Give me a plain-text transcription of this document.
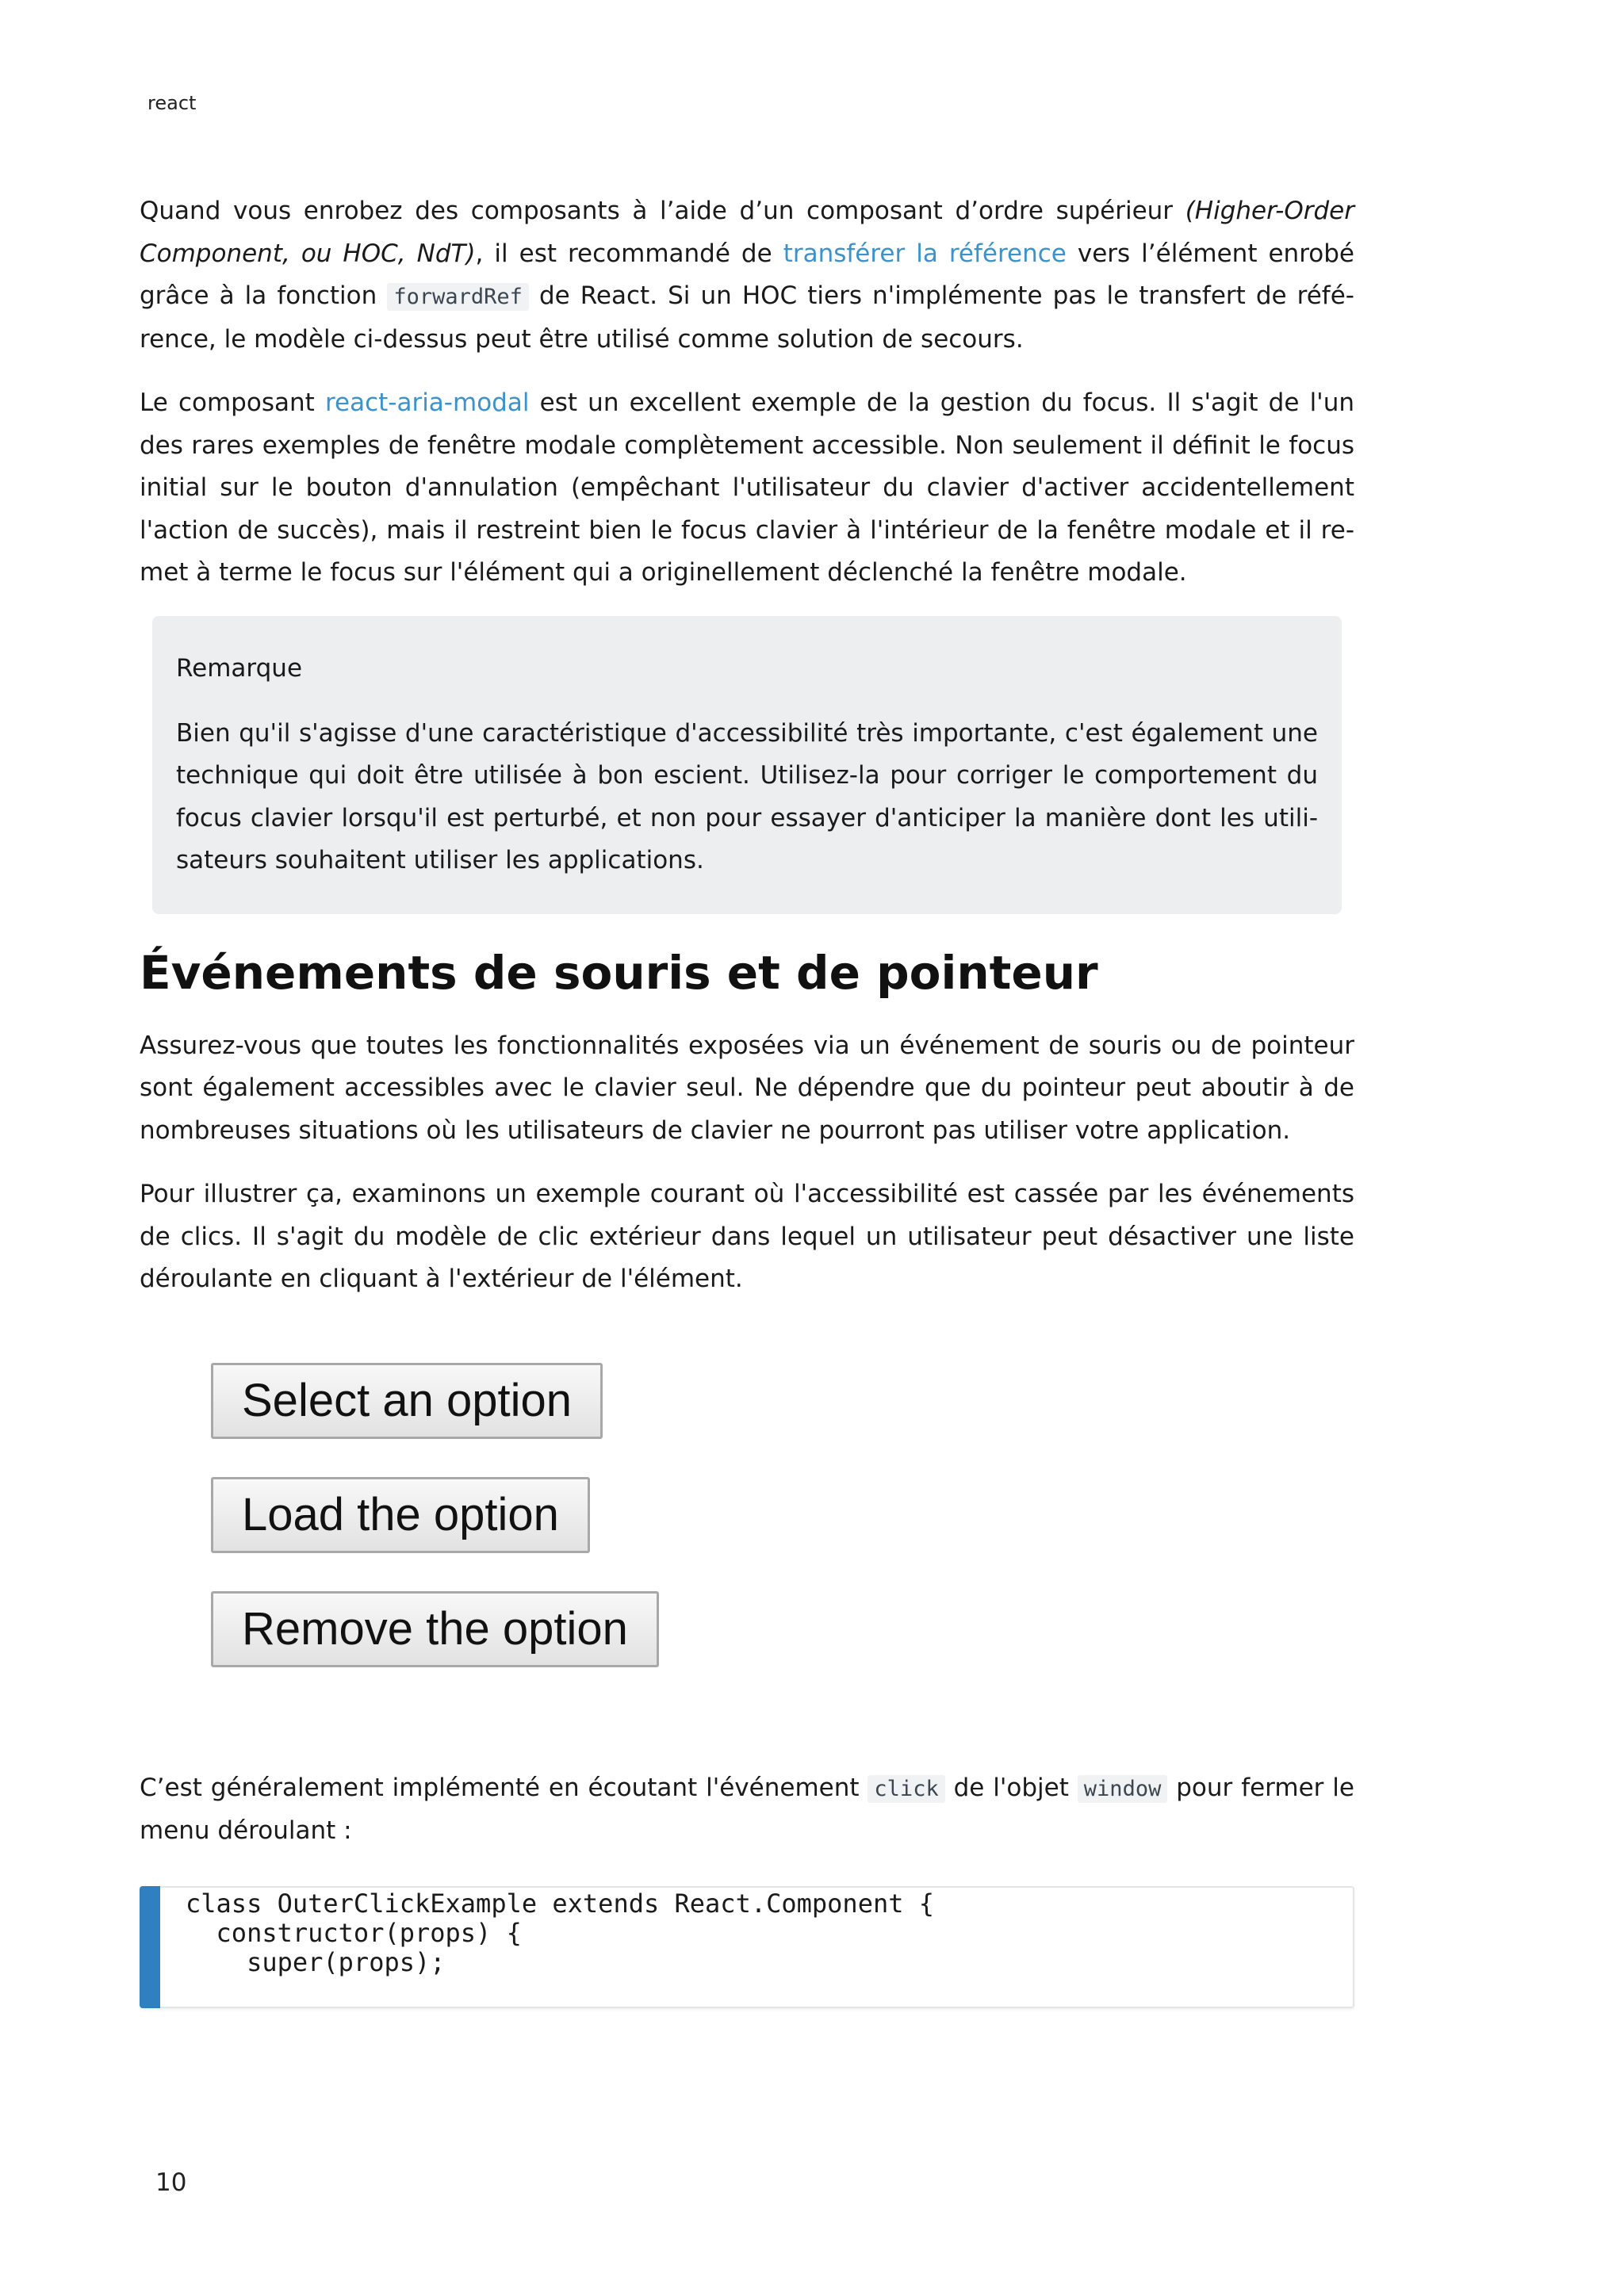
react

Quand vous enrobez des composants à l’aide d’un composant d’ordre supérieur (Higher-Order Component, ou HOC, NdT), il est recommandé de transférer la référence vers l’élément enrobé grâce à la fonction forwardRef de React. Si un HOC tiers n'implémente pas le transfert de référence, le modèle ci-dessus peut être utilisé comme solution de secours.

Le composant react-aria-modal est un excellent exemple de la gestion du focus. Il s'agit de l'un des rares exemples de fenêtre modale complètement accessible. Non seulement il définit le focus initial sur le bouton d'annulation (empêchant l'utilisateur du clavier d'activer accidentellement l'action de succès), mais il restreint bien le focus clavier à l'intérieur de la fenêtre modale et il remet à terme le focus sur l'élément qui a originellement déclenché la fenêtre modale.

Remarque

Bien qu'il s'agisse d'une caractéristique d'accessibilité très importante, c'est également une technique qui doit être utilisée à bon escient. Utilisez-la pour corriger le comportement du focus clavier lorsqu'il est perturbé, et non pour essayer d'anticiper la manière dont les utilisateurs souhaitent utiliser les applications.

Événements de souris et de pointeur

Assurez-vous que toutes les fonctionnalités exposées via un événement de souris ou de pointeur sont également accessibles avec le clavier seul. Ne dépendre que du pointeur peut aboutir à de nombreuses situations où les utilisateurs de clavier ne pourront pas utiliser votre application.

Pour illustrer ça, examinons un exemple courant où l'accessibilité est cassée par les événements de clics. Il s'agit du modèle de clic extérieur dans lequel un utilisateur peut désactiver une liste déroulante en cliquant à l'extérieur de l'élément.

Select an option
Load the option
Remove the option

C’est généralement implémenté en écoutant l'événement click de l'objet window pour fermer le menu déroulant :

class OuterClickExample extends React.Component {
constructor(props) {
super(props);
10
